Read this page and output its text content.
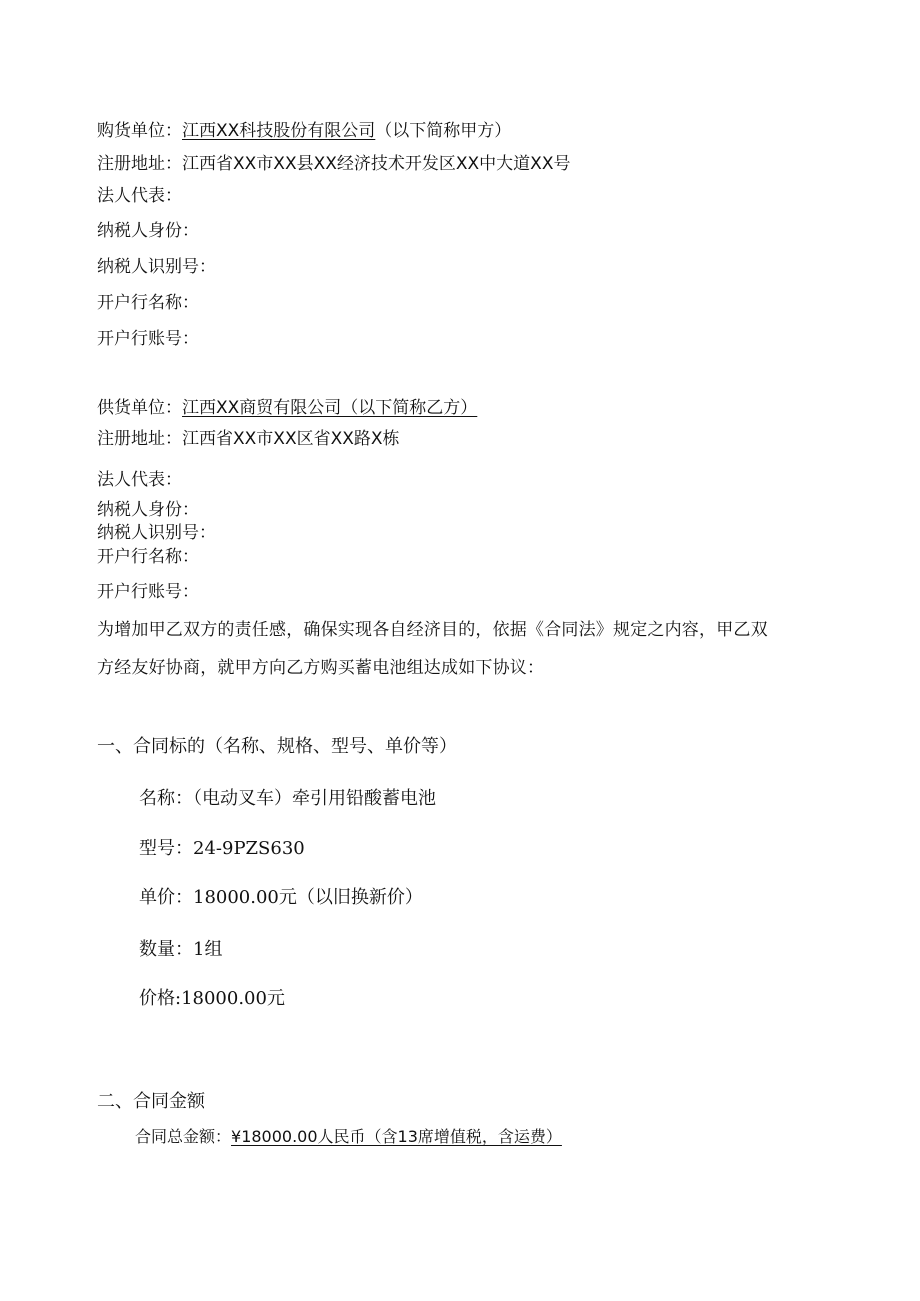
购货单位：江西XX科技股份有限公司（以下简称甲方）
注册地址：江西省XX市XX县XX经济技术开发区XX中大道XX号
法人代表：
纳税人身份：
纳税人识别号：
开户行名称：
开户行账号：
供货单位：江西XX商贸有限公司（以下简称乙方）
注册地址：江西省XX市XX区省XX路X栋
法人代表：
纳税人身份：
纳税人识别号：
开户行名称：
开户行账号：
为增加甲乙双方的责任感，确保实现各自经济目的，依据《合同法》规定之内容，甲乙双
方经友好协商，就甲方向乙方购买蓄电池组达成如下协议：
一、合同标的（名称、规格、型号、单价等）
名称：（电动叉车）牵引用铅酸蓄电池
型号：24-9PZS630
单价：18000.00元（以旧换新价）
数量：1组
价格:18000.00元
二、合同金额
合同总金额：¥18000.00人民币（含13席增值税，含运费）
